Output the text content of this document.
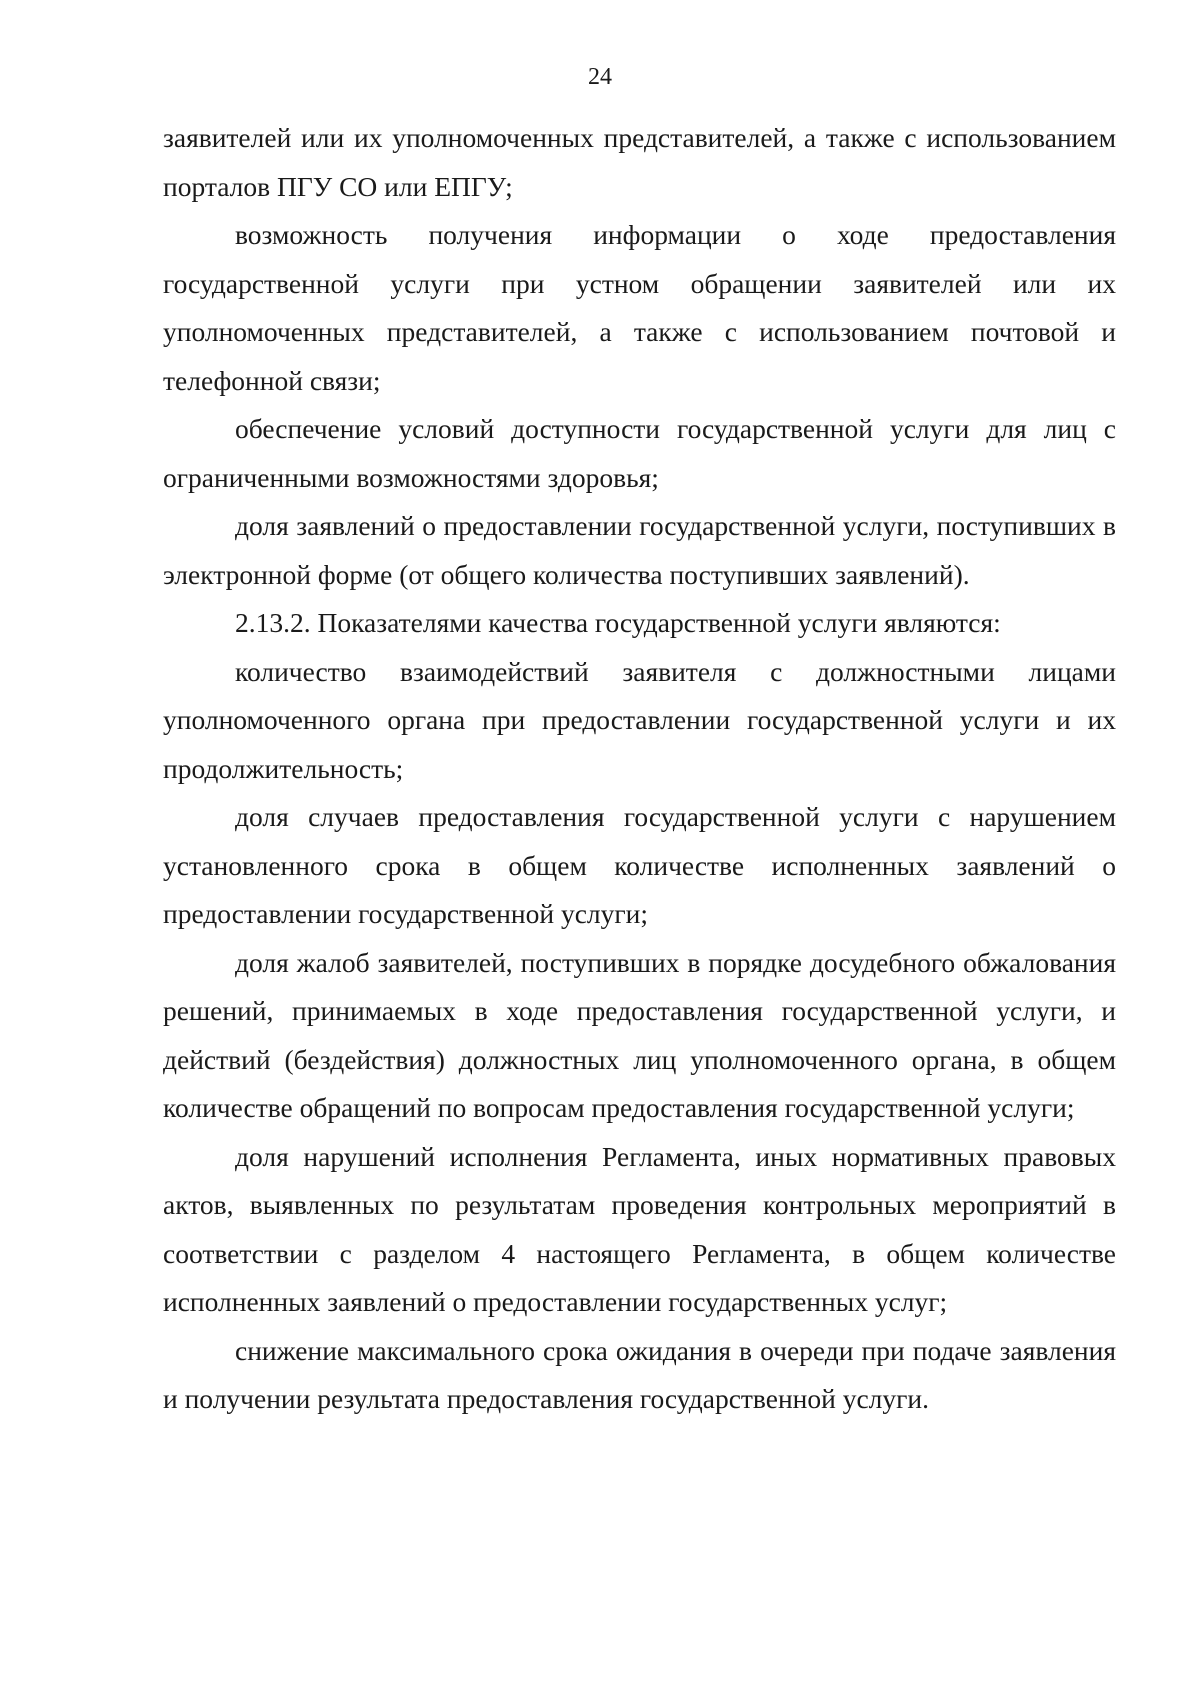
24

заявителей или их уполномоченных представителей, а также с использованием порталов ПГУ СО или ЕПГУ;

возможность получения информации о ходе предоставления государственной услуги при устном обращении заявителей или их уполномоченных представителей, а также с использованием почтовой и телефонной связи;

обеспечение условий доступности государственной услуги для лиц с ограниченными возможностями здоровья;

доля заявлений о предоставлении государственной услуги, поступивших в электронной форме (от общего количества поступивших заявлений).

2.13.2. Показателями качества государственной услуги являются:

количество взаимодействий заявителя с должностными лицами уполномоченного органа при предоставлении государственной услуги и их продолжительность;

доля случаев предоставления государственной услуги с нарушением установленного срока в общем количестве исполненных заявлений о предоставлении государственной услуги;

доля жалоб заявителей, поступивших в порядке досудебного обжалования решений, принимаемых в ходе предоставления государственной услуги, и действий (бездействия) должностных лиц уполномоченного органа, в общем количестве обращений по вопросам предоставления государственной услуги;

доля нарушений исполнения Регламента, иных нормативных правовых актов, выявленных по результатам проведения контрольных мероприятий в соответствии с разделом 4 настоящего Регламента, в общем количестве исполненных заявлений о предоставлении государственных услуг;

снижение максимального срока ожидания в очереди при подаче заявления и получении результата предоставления государственной услуги.
